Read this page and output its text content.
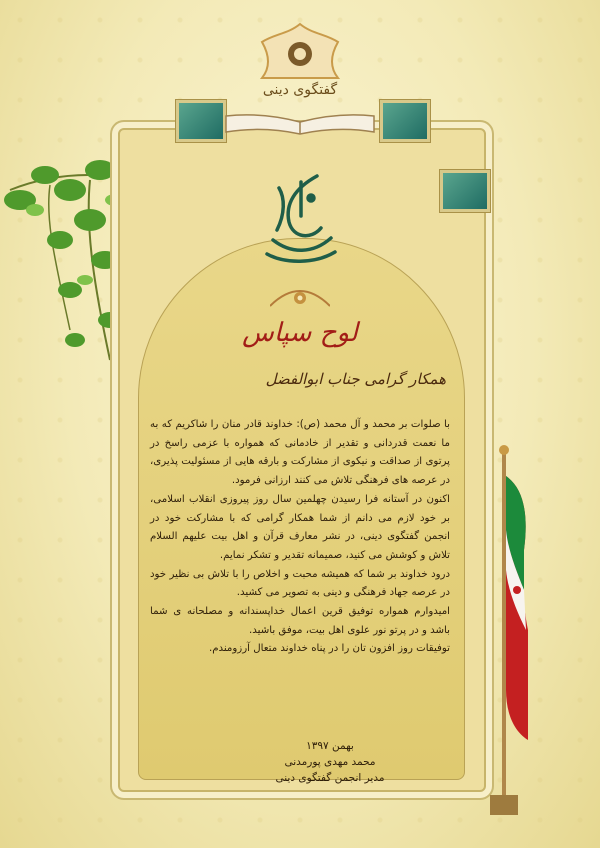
گفتگوی دینی
لوح سپاس
همکار گرامی جناب ابوالفضل

با صلوات بر محمد و آل محمد (ص): خداوند قادر منان را شاکریم که به ما نعمت قدردانی و تقدیر از خادمانی که همواره با عزمی راسخ در پرتوی از صداقت و نیکوی از مشارکت و بارقه هایی از مسئولیت پذیری، در عرصه های فرهنگی تلاش می کنند ارزانی فرمود.

اکنون در آستانه فرا رسیدن چهلمین سال روز پیروزی انقلاب اسلامی، بر خود لازم می دانم از شما همکار گرامی که با مشارکت خود در انجمن گفتگوی دینی، در نشر معارف قرآن و اهل بیت علیهم السلام تلاش و کوشش می کنید، صمیمانه تقدیر و تشکر نمایم.

درود خداوند بر شما که همیشه محبت و اخلاص را با تلاش بی نظیر خود در عرصه جهاد فرهنگی و دینی به تصویر می کشید.

امیدوارم همواره توفیق قرین اعمال خداپسندانه و مصلحانه ی شما باشد و در پرتو نور علوی اهل بیت، موفق باشید.

توفیقات روز افزون تان را در پناه خداوند متعال آرزومندم.

بهمن ۱۳۹۷
محمد مهدی پورمدنی
مدیر انجمن گفتگوی دینی
